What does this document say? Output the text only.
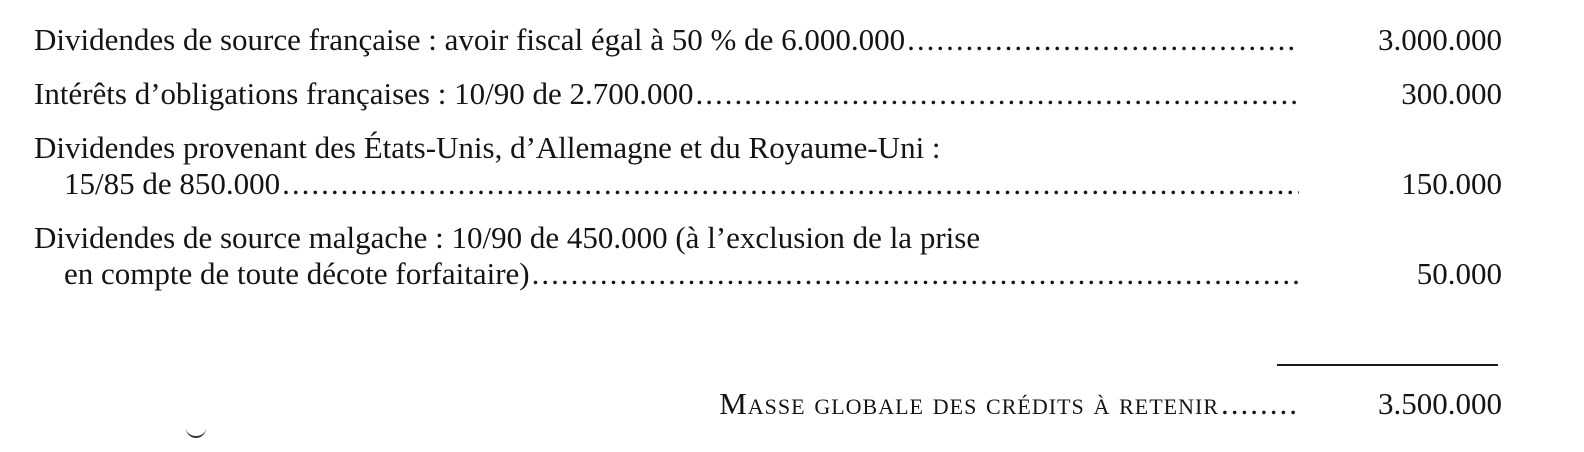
Dividendes de source française : avoir fiscal égal à 50 % de 6.000.000 .....	3.000.000
Intérêts d’obligations françaises : 10/90 de 2.700.000 .....	300.000
Dividendes provenant des États-Unis, d’Allemagne et du Royaume-Uni :
15/85 de 850.000 .....	150.000
Dividendes de source malgache : 10/90 de 450.000 (à l’exclusion de la prise
en compte de toute décote forfaitaire) .....	50.000
Masse globale des crédits à retenir ........	3.500.000
